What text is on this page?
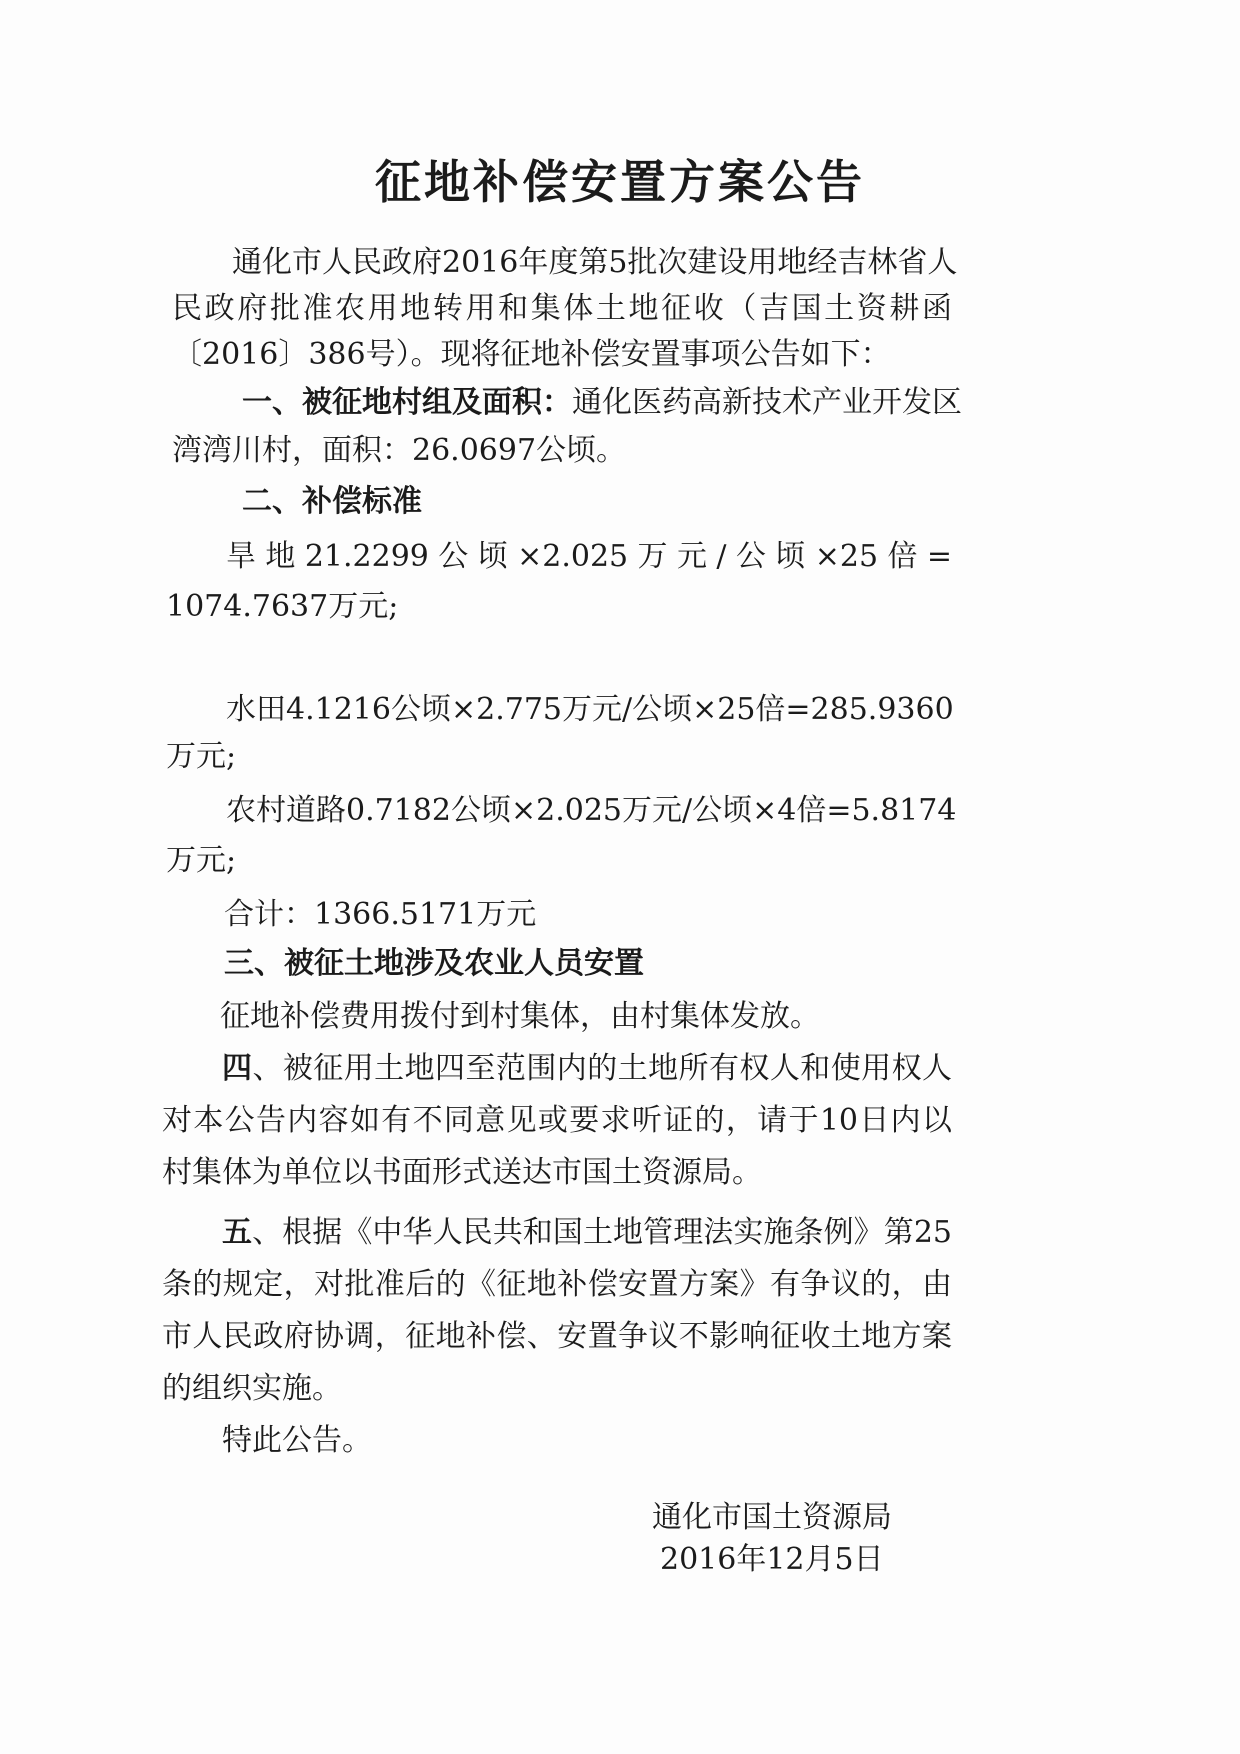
征地补偿安置方案公告

通化市人民政府2016年度第5批次建设用地经吉林省人

民政府批准农用地转用和集体土地征收（吉国土资耕函

〔2016〕386号）。现将征地补偿安置事项公告如下：

一、被征地村组及面积：通化医药高新技术产业开发区

湾湾川村，面积：26.0697公顷。

二、补偿标准

旱地21.2299公顷×2.025万元/公顷×25倍=

1074.7637万元;

水田4.1216公顷×2.775万元/公顷×25倍=285.9360

万元;

农村道路0.7182公顷×2.025万元/公顷×4倍=5.8174

万元;

合计：1366.5171万元

三、被征土地涉及农业人员安置

征地补偿费用拨付到村集体，由村集体发放。

四、被征用土地四至范围内的土地所有权人和使用权人

对本公告内容如有不同意见或要求听证的，请于10日内以

村集体为单位以书面形式送达市国土资源局。

五、根据《中华人民共和国土地管理法实施条例》第25

条的规定，对批准后的《征地补偿安置方案》有争议的，由

市人民政府协调，征地补偿、安置争议不影响征收土地方案

的组织实施。

特此公告。

通化市国土资源局

2016年12月5日
